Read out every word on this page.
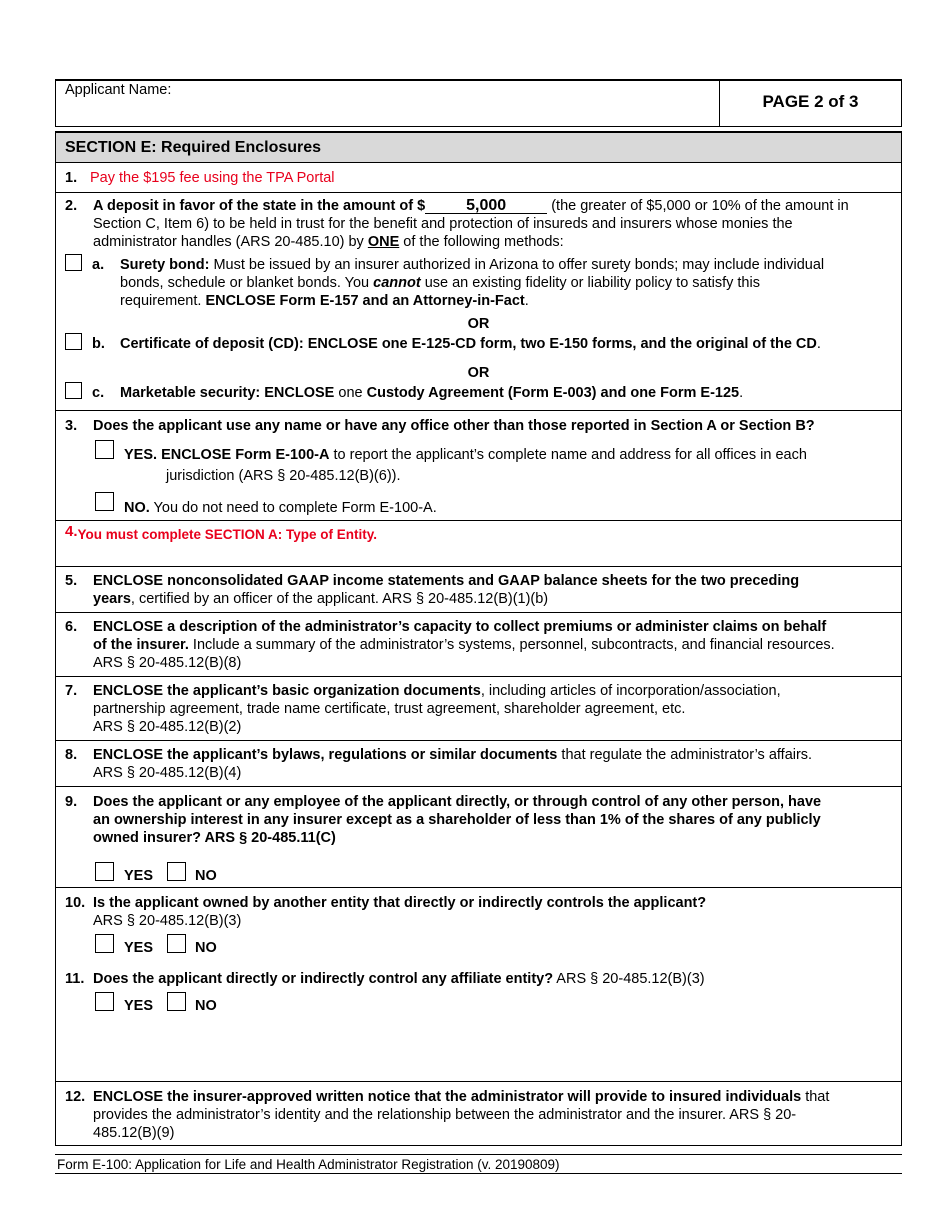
Applicant Name:
PAGE 2 of 3
SECTION E: Required Enclosures
1. Pay the $195 fee using the TPA Portal
2.	A deposit in favor of the state in the amount of $	5,000	(the greater of $5,000 or 10% of the amount in
Section C, Item 6) to be held in trust for the benefit and protection of insureds and insurers whose monies the
administrator handles (ARS 20-485.10) by ONE of the following methods:
a.	Surety bond: Must be issued by an insurer authorized in Arizona to offer surety bonds; may include individual
bonds, schedule or blanket bonds. You cannot use an existing fidelity or liability policy to satisfy this
requirement. ENCLOSE Form E-157 and an Attorney-in-Fact.
OR
b.	Certificate of deposit (CD): ENCLOSE one E-125-CD form, two E-150 forms, and the original of the CD.
OR
c.	Marketable security: ENCLOSE one Custody Agreement (Form E-003) and one Form E-125.
3.	Does the applicant use any name or have any office other than those reported in Section A or Section B?
YES. ENCLOSE Form E-100-A to report the applicant’s complete name and address for all offices in each
jurisdiction (ARS § 20-485.12(B)(6)).
NO. You do not need to complete Form E-100-A.
4.You must complete SECTION A: Type of Entity.
5.	ENCLOSE nonconsolidated GAAP income statements and GAAP balance sheets for the two preceding
years, certified by an officer of the applicant. ARS § 20-485.12(B)(1)(b)
6.	ENCLOSE a description of the administrator’s capacity to collect premiums or administer claims on behalf
of the insurer. Include a summary of the administrator’s systems, personnel, subcontracts, and financial resources.
ARS § 20-485.12(B)(8)
7.	ENCLOSE the applicant’s basic organization documents, including articles of incorporation/association,
partnership agreement, trade name certificate, trust agreement, shareholder agreement, etc.
ARS § 20-485.12(B)(2)
8.	ENCLOSE the applicant’s bylaws, regulations or similar documents that regulate the administrator’s affairs.
ARS § 20-485.12(B)(4)
9.	Does the applicant or any employee of the applicant directly, or through control of any other person, have
an ownership interest in any insurer except as a shareholder of less than 1% of the shares of any publicly
owned insurer? ARS § 20-485.11(C)
YES	NO
10. Is the applicant owned by another entity that directly or indirectly controls the applicant?
ARS § 20-485.12(B)(3)
YES	NO
11. Does the applicant directly or indirectly control any affiliate entity? ARS § 20-485.12(B)(3)
YES	NO
12. ENCLOSE the insurer-approved written notice that the administrator will provide to insured individuals that
provides the administrator’s identity and the relationship between the administrator and the insurer. ARS § 20-
485.12(B)(9)
Form E-100: Application for Life and Health Administrator Registration (v. 20190809)
